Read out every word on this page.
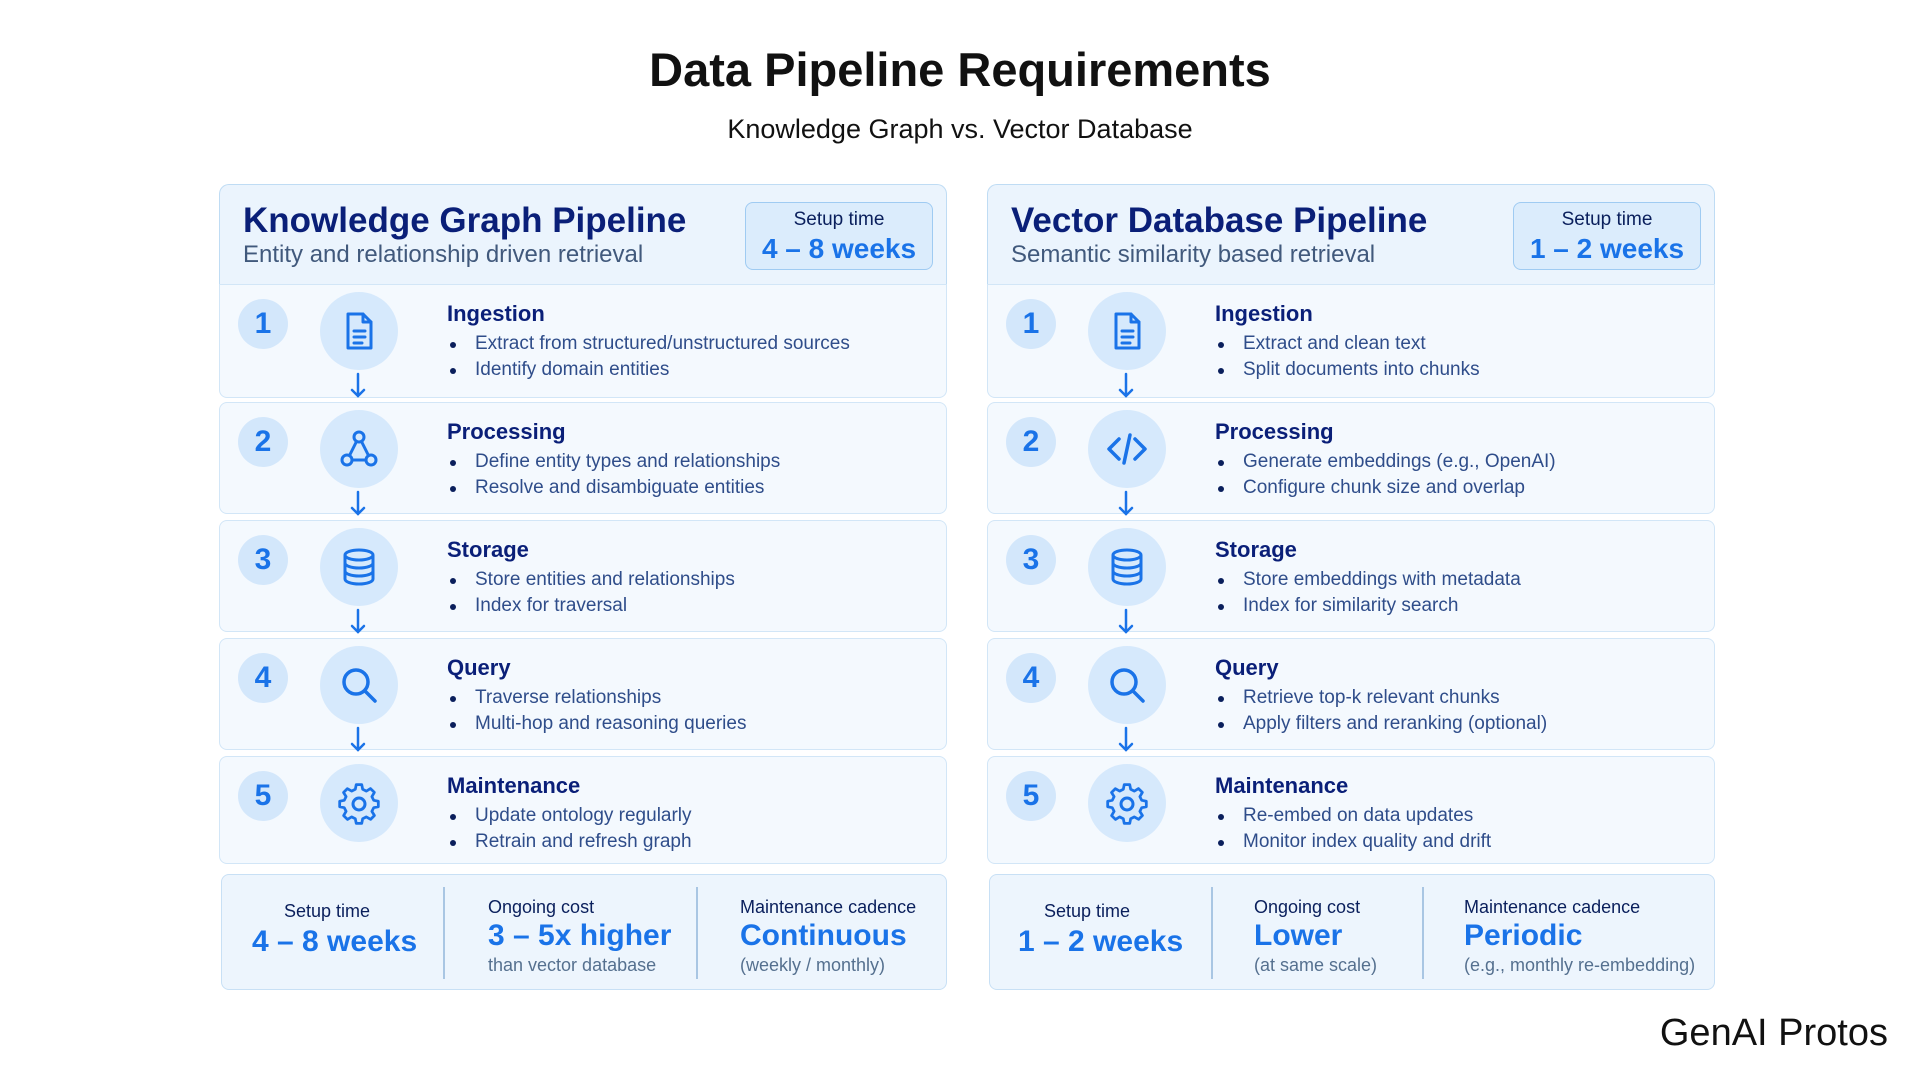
Data Pipeline Requirements
Knowledge Graph vs. Vector Database
Knowledge Graph Pipeline
Entity and relationship driven retrieval
Setup time
4 – 8 weeks
1	Ingestion
Extract from structured/unstructured sources
Identify domain entities
2	Processing
Define entity types and relationships
Resolve and disambiguate entities
3	Storage
Store entities and relationships
Index for traversal
4	Query
Traverse relationships
Multi-hop and reasoning queries
5	Maintenance
Update ontology regularly
Retrain and refresh graph
Setup time
4 – 8 weeks
Ongoing cost
3 – 5x higher
than vector database
Maintenance cadence
Continuous
(weekly / monthly)
Vector Database Pipeline
Semantic similarity based retrieval
Setup time
1 – 2 weeks
1	Ingestion
Extract and clean text
Split documents into chunks
2	Processing
Generate embeddings (e.g., OpenAI)
Configure chunk size and overlap
3	Storage
Store embeddings with metadata
Index for similarity search
4	Query
Retrieve top-k relevant chunks
Apply filters and reranking (optional)
5	Maintenance
Re-embed on data updates
Monitor index quality and drift
Setup time
1 – 2 weeks
Ongoing cost
Lower
(at same scale)
Maintenance cadence
Periodic
(e.g., monthly re-embedding)
GenAI Protos
